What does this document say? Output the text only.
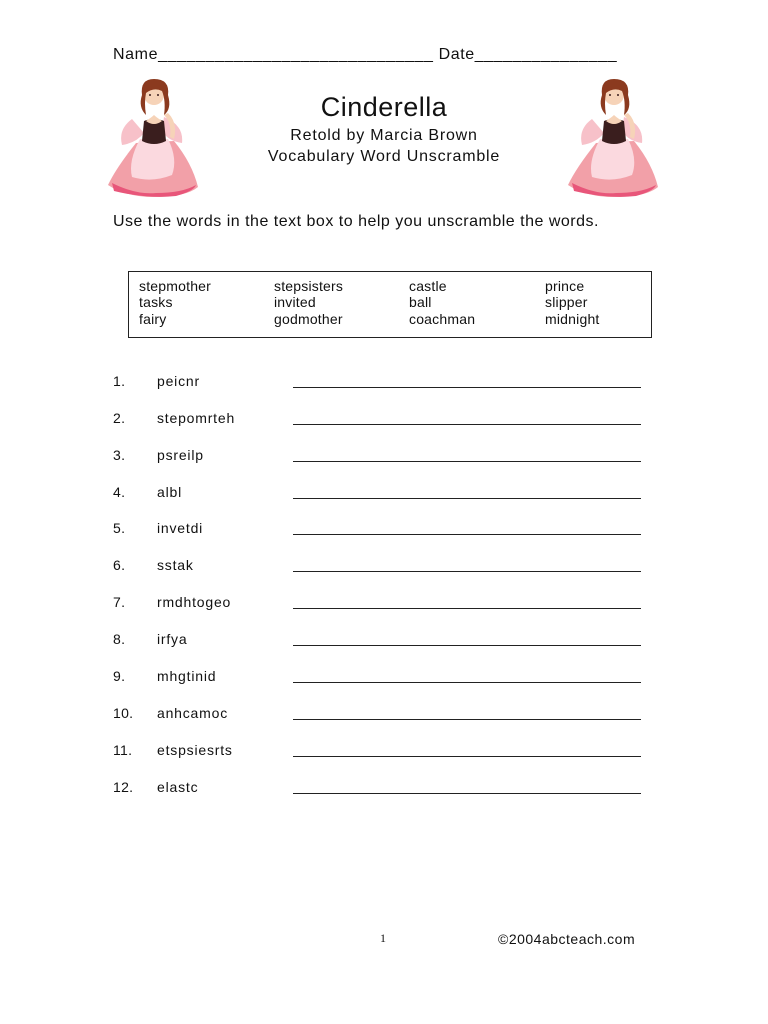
Name_____________________________ Date_______________
Cinderella
Retold by Marcia Brown
Vocabulary Word Unscramble
Use the words in the text box to help you unscramble the words.
stepmother
tasks
fairy
stepsisters
invited
godmother
castle
ball
coachman
prince
slipper
midnight
1. peicnr
2. stepomrteh
3. psreilp
4. albl
5. invetdi
6. sstak
7. rmdhtogeo
8. irfya
9. mhgtinid
10. anhcamoc
11. etspsiesrts
12. elastc
1	©2004abcteach.com
